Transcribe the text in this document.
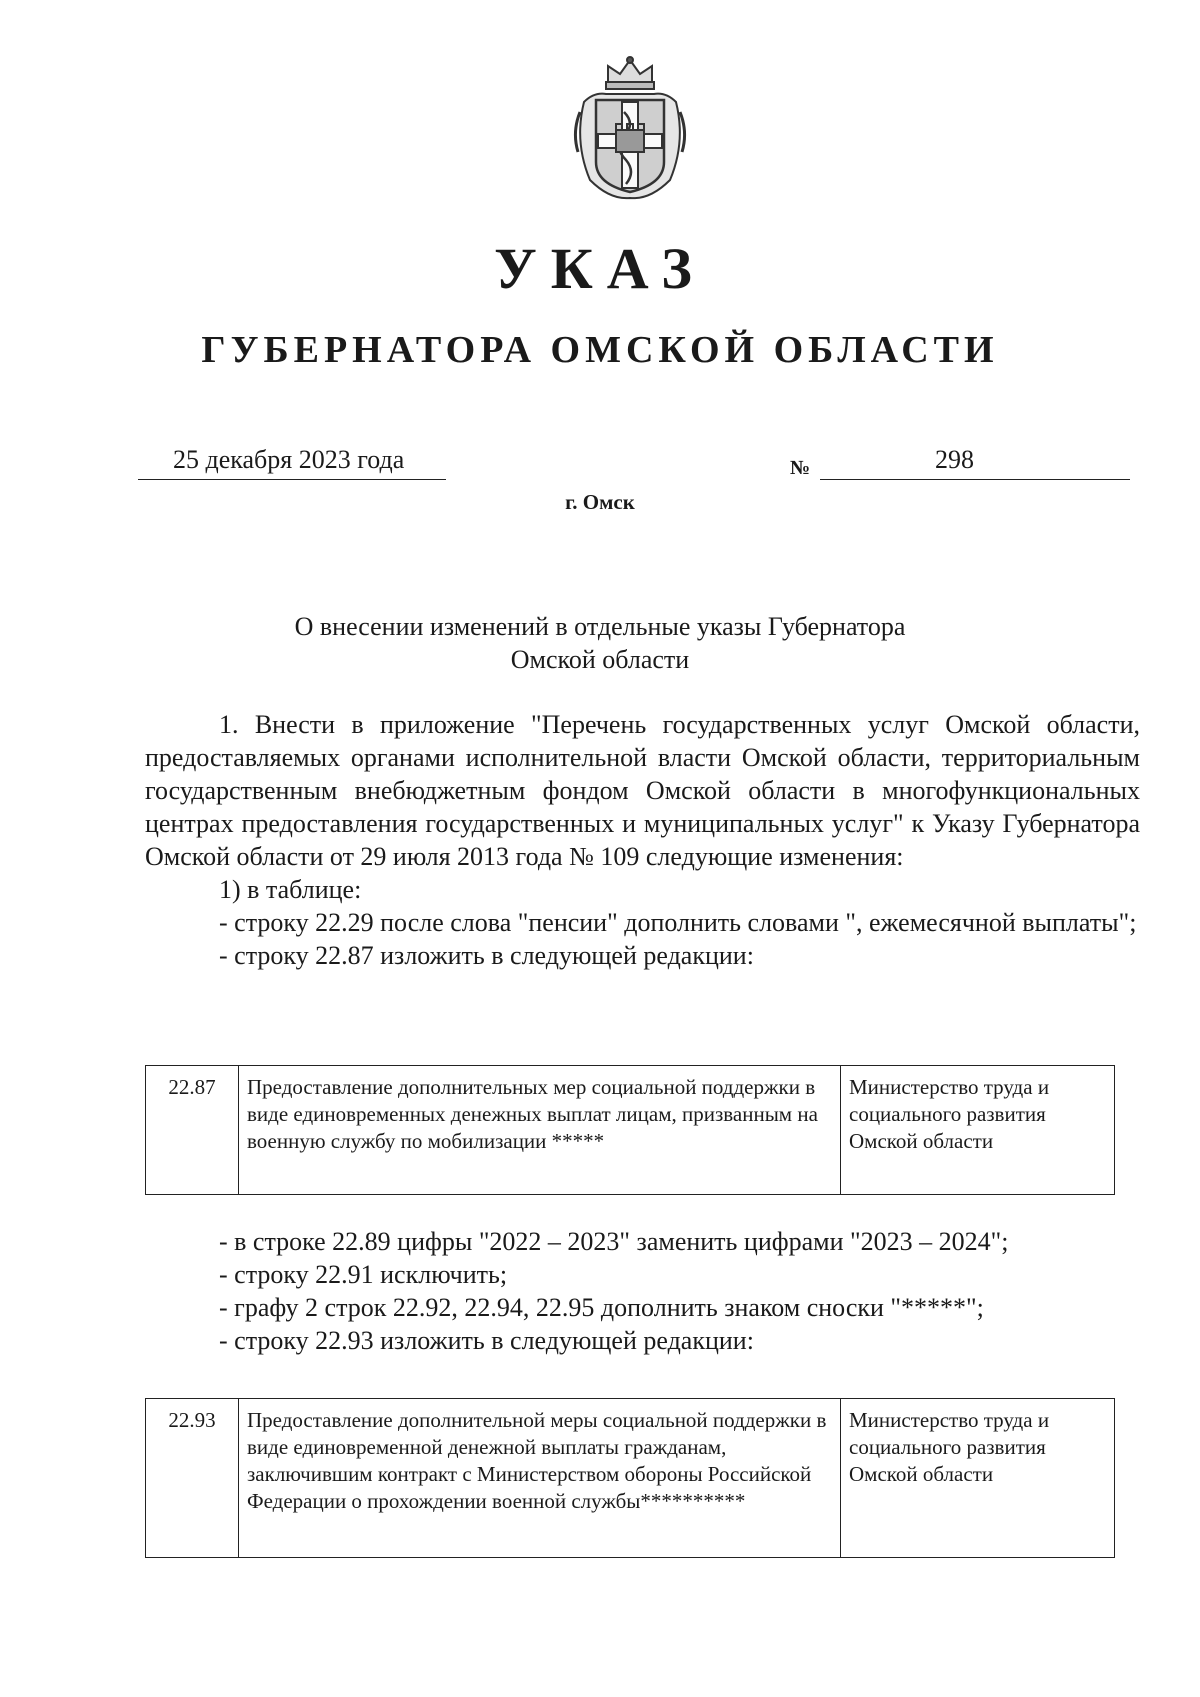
УКАЗ
ГУБЕРНАТОРА ОМСКОЙ ОБЛАСТИ
25 декабря 2023 года	№	298
г. Омск
О внесении изменений в отдельные указы Губернатора
Омской области

1. Внести в приложение "Перечень государственных услуг Омской области, предоставляемых органами исполнительной власти Омской области, территориальным государственным внебюджетным фондом Омской области в многофункциональных центрах предоставления государственных и муниципальных услуг" к Указу Губернатора Омской области от 29 июля 2013 года № 109 следующие изменения:

1) в таблице:

- строку 22.29 после слова "пенсии" дополнить словами ", ежемесячной выплаты";

- строку 22.87 изложить в следующей редакции:

22.87	Предоставление дополнительных мер социальной поддержки в виде единовременных денежных выплат лицам, призванным на военную службу по мобилизации *****	Министерство труда и социального развития Омской области

- в строке 22.89 цифры "2022 – 2023" заменить цифрами "2023 – 2024";

- строку 22.91 исключить;

- графу 2 строк 22.92, 22.94, 22.95 дополнить знаком сноски "*****";

- строку 22.93 изложить в следующей редакции:

22.93	Предоставление дополнительной меры социальной поддержки в виде единовременной денежной выплаты гражданам, заключившим контракт с Министерством обороны Российской Федерации о прохождении военной службы**********	Министерство труда и социального развития Омской области
